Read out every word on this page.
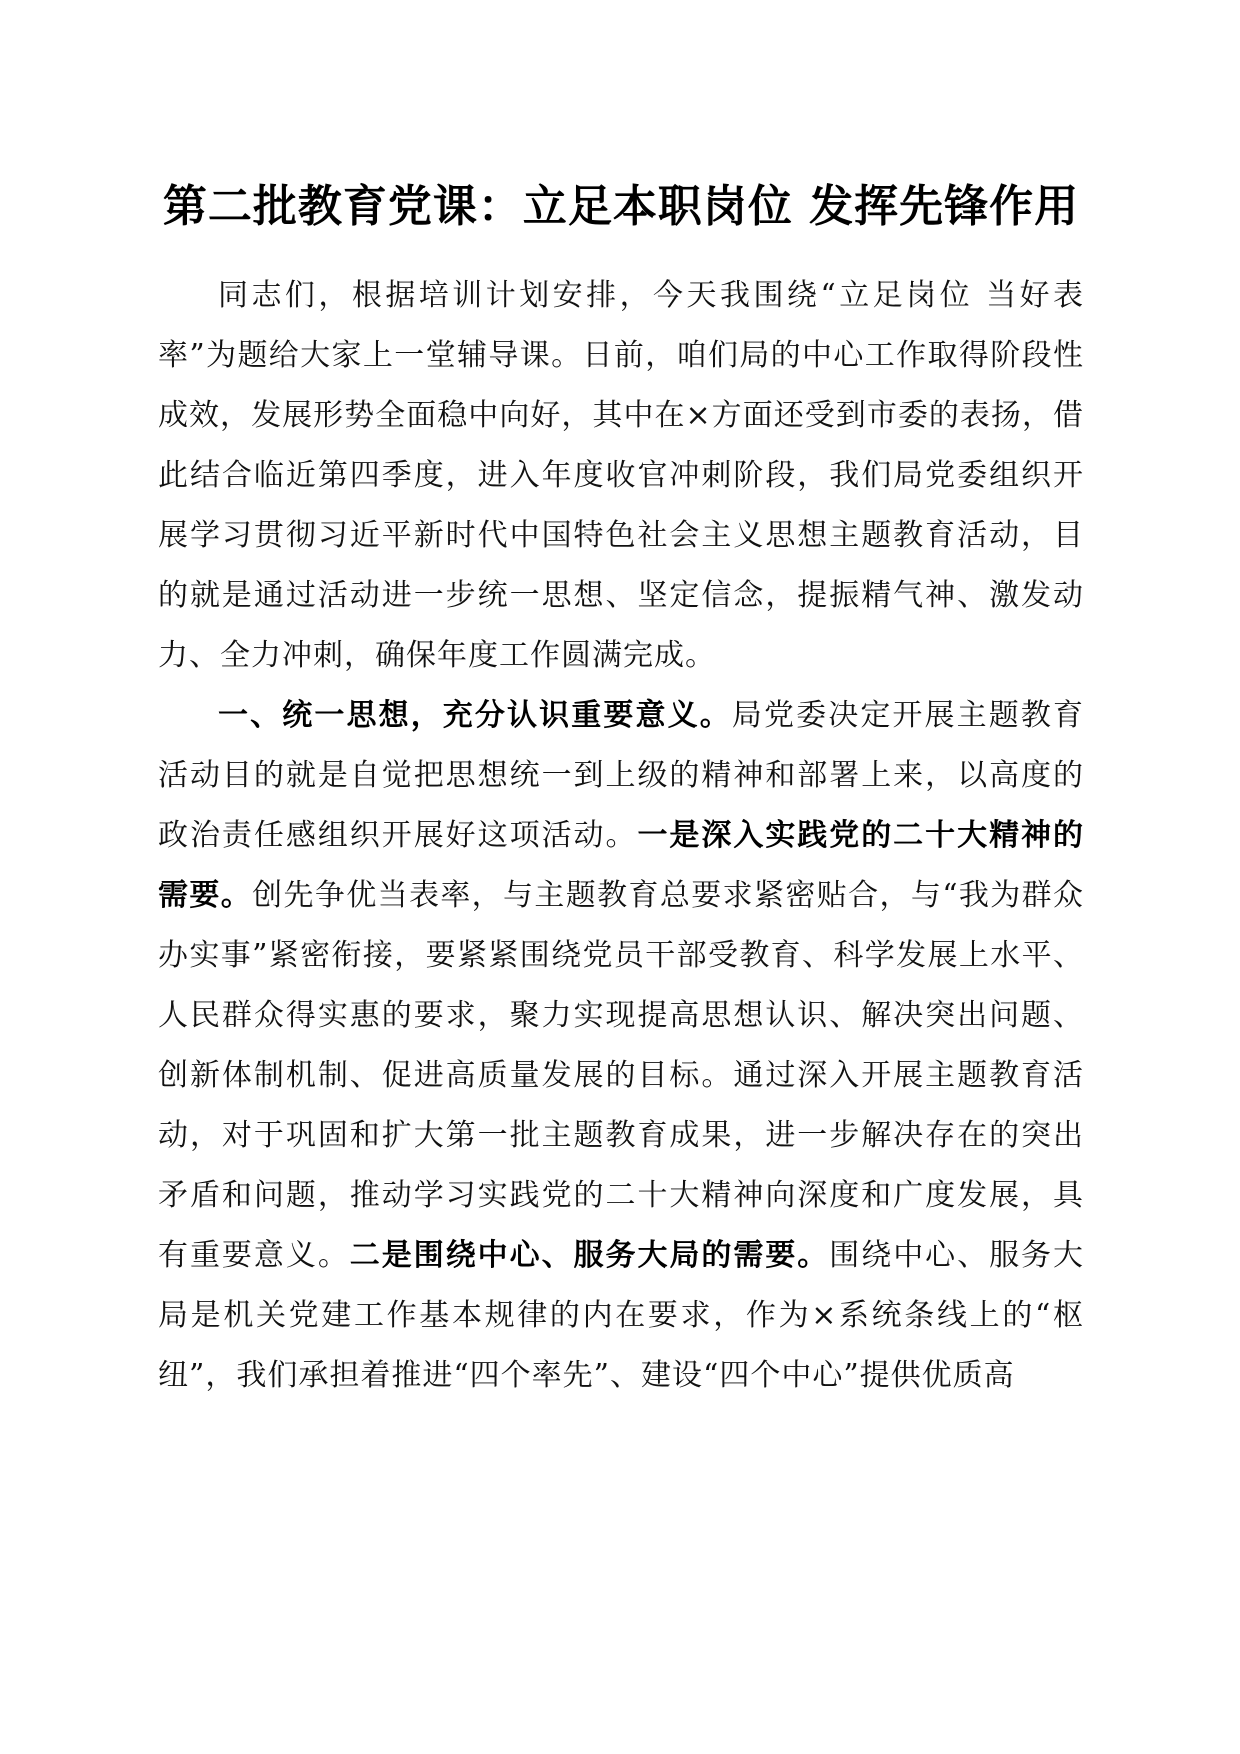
第二批教育党课：立足本职岗位 发挥先锋作用

同志们，根据培训计划安排，今天我围绕“立足岗位 当好表率”为题给大家上一堂辅导课。日前，咱们局的中心工作取得阶段性成效，发展形势全面稳中向好，其中在×方面还受到市委的表扬，借此结合临近第四季度，进入年度收官冲刺阶段，我们局党委组织开展学习贯彻习近平新时代中国特色社会主义思想主题教育活动，目的就是通过活动进一步统一思想、坚定信念，提振精气神、激发动力、全力冲刺，确保年度工作圆满完成。

一、统一思想，充分认识重要意义。局党委决定开展主题教育活动目的就是自觉把思想统一到上级的精神和部署上来，以高度的政治责任感组织开展好这项活动。一是深入实践党的二十大精神的需要。创先争优当表率，与主题教育总要求紧密贴合，与“我为群众办实事”紧密衔接，要紧紧围绕党员干部受教育、科学发展上水平、人民群众得实惠的要求，聚力实现提高思想认识、解决突出问题、创新体制机制、促进高质量发展的目标。通过深入开展主题教育活动，对于巩固和扩大第一批主题教育成果，进一步解决存在的突出矛盾和问题，推动学习实践党的二十大精神向深度和广度发展，具有重要意义。二是围绕中心、服务大局的需要。围绕中心、服务大局是机关党建工作基本规律的内在要求，作为×系统条线上的“枢纽”，我们承担着推进“四个率先”、建设“四个中心”提供优质高
